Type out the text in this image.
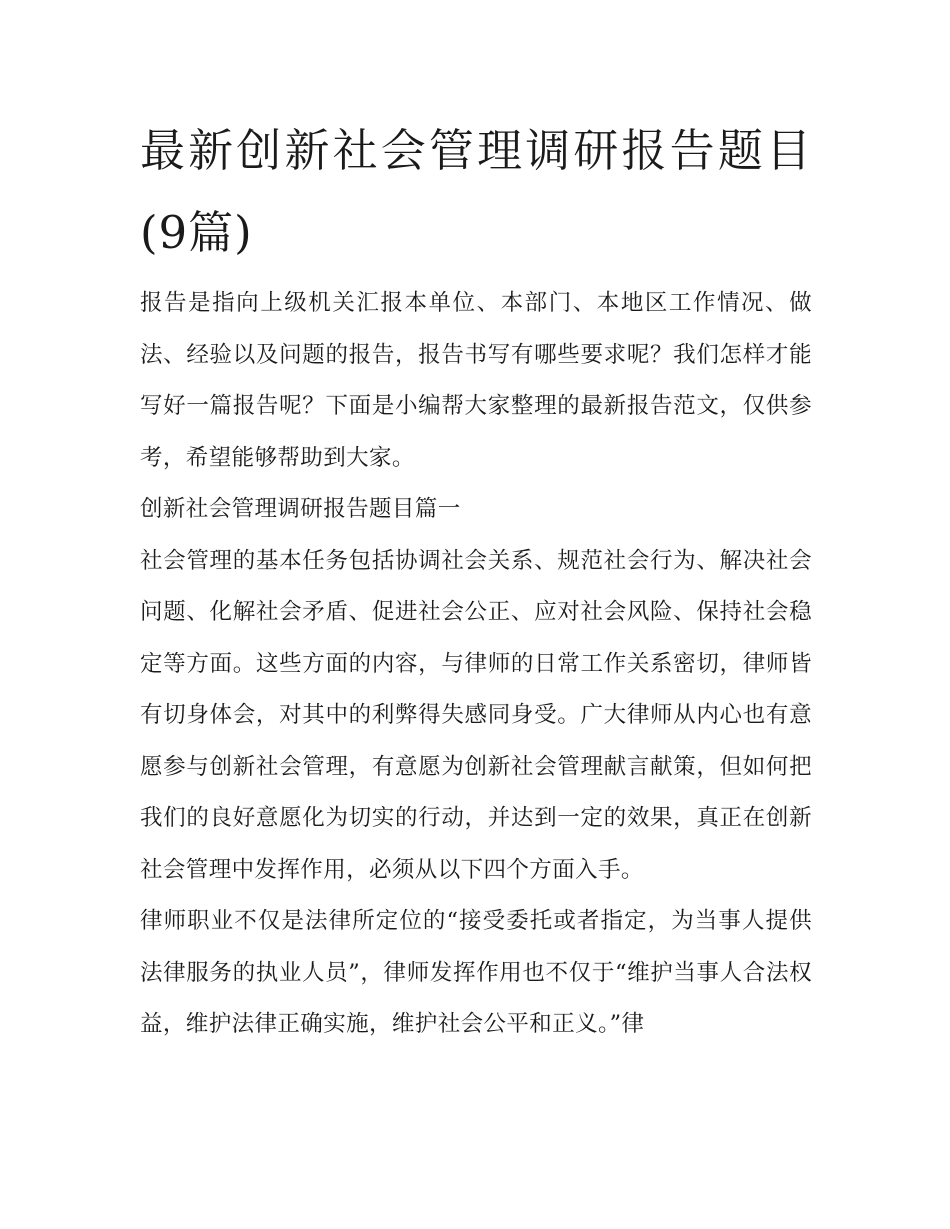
最新创新社会管理调研报告题目(9篇)

报告是指向上级机关汇报本单位、本部门、本地区工作情况、做法、经验以及问题的报告，报告书写有哪些要求呢？我们怎样才能写好一篇报告呢？下面是小编帮大家整理的最新报告范文，仅供参考，希望能够帮助到大家。

创新社会管理调研报告题目篇一

社会管理的基本任务包括协调社会关系、规范社会行为、解决社会问题、化解社会矛盾、促进社会公正、应对社会风险、保持社会稳定等方面。这些方面的内容，与律师的日常工作关系密切，律师皆有切身体会，对其中的利弊得失感同身受。广大律师从内心也有意愿参与创新社会管理，有意愿为创新社会管理献言献策，但如何把我们的良好意愿化为切实的行动，并达到一定的效果，真正在创新社会管理中发挥作用，必须从以下四个方面入手。

律师职业不仅是法律所定位的“接受委托或者指定，为当事人提供法律服务的执业人员”，律师发挥作用也不仅于“维护当事人合法权益，维护法律正确实施，维护社会公平和正义。”律
